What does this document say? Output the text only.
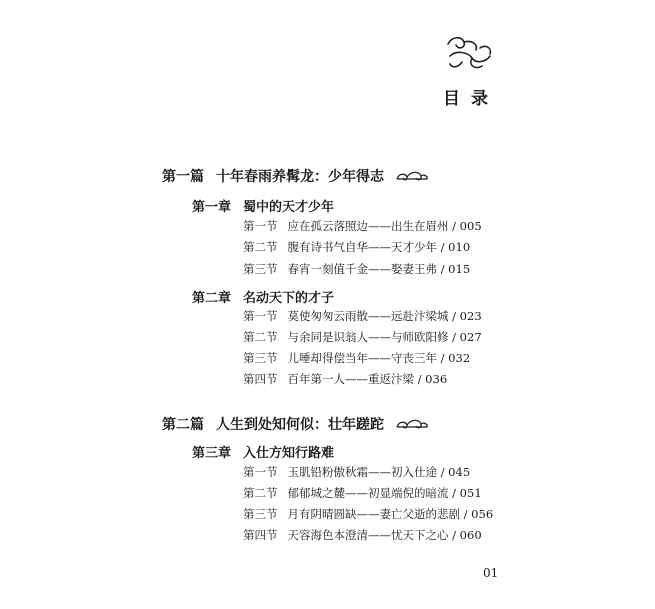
目录
第一篇 十年春雨养髯龙：少年得志
第一章 蜀中的天才少年
第一节 应在孤云落照边——出生在眉州 / 005
第二节 腹有诗书气自华——天才少年 / 010
第三节 春宵一刻值千金——娶妻王弗 / 015
第二章 名动天下的才子
第一节 莫使匆匆云雨散——远赴汴梁城 / 023
第二节 与余同是识翁人——与师欧阳修 / 027
第三节 儿唾却得偿当年——守丧三年 / 032
第四节 百年第一人——重返汴梁 / 036
第二篇 人生到处知何似：壮年蹉跎
第三章 入仕方知行路难
第一节 玉肌铅粉傲秋霜——初入仕途 / 045
第二节 郁郁城之麓——初显端倪的暗流 / 051
第三节 月有阴晴圆缺——妻亡父逝的悲剧 / 056
第四节 天容海色本澄清——忧天下之心 / 060
01
